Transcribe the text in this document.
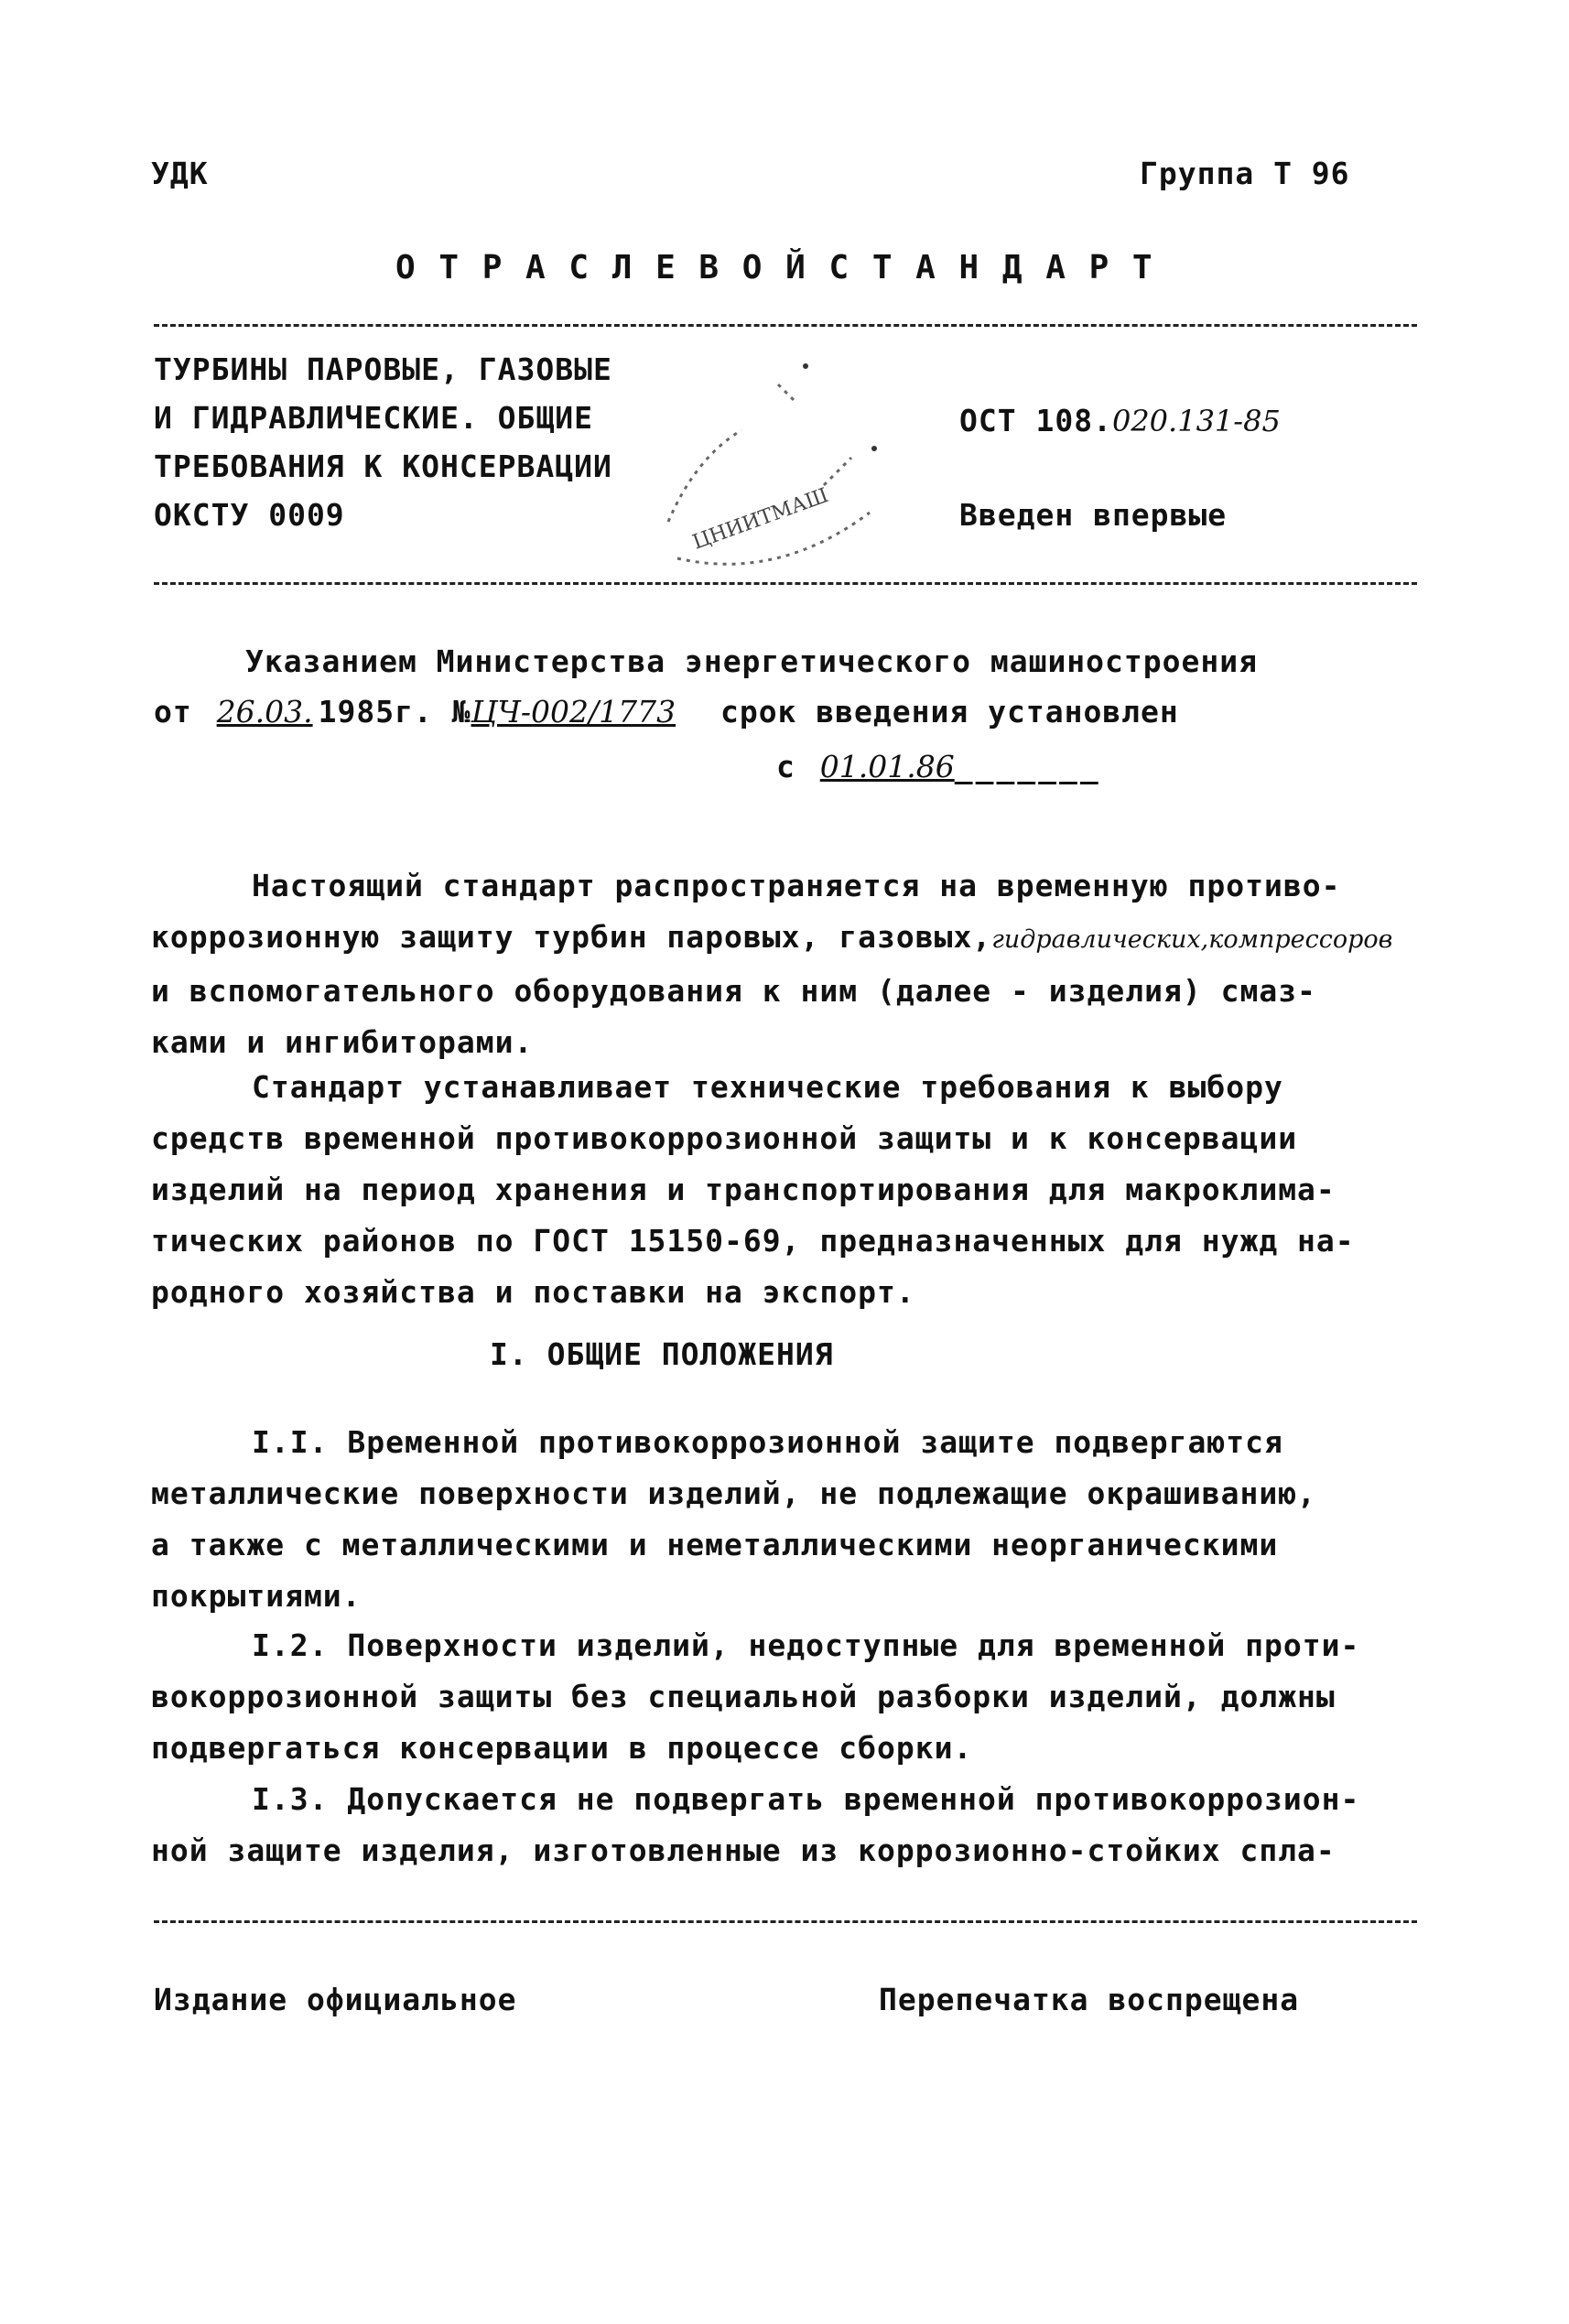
УДК	Группа Т 96
О Т Р А С Л Е В О Й С Т А Н Д А Р Т
ТУРБИНЫ ПАРОВЫЕ, ГАЗОВЫЕ
И ГИДРАВЛИЧЕСКИЕ. ОБЩИЕ
ТРЕБОВАНИЯ К КОНСЕРВАЦИИ
ОКСТУ 0009	ЦНИИТМАШ
ОСТ 108.020.131-85
Введен впервые
Указанием Министерства энергетического машиностроения
от 26.03. 1985г. №ЦЧ-002/1773 срок введения установлен
с 01.01.86_______

Настоящий стандарт распространяется на временную противо-

коррозионную защиту турбин паровых, газовых,гидравлических,компрессоров

и вспомогательного оборудования к ним (далее - изделия) смаз-

ками и ингибиторами.

Стандарт устанавливает технические требования к выбору

средств временной противокоррозионной защиты и к консервации

изделий на период хранения и транспортирования для макроклима-

тических районов по ГОСТ 15150-69, предназначенных для нужд на-

родного хозяйства и поставки на экспорт.

I. ОБЩИЕ ПОЛОЖЕНИЯ

I.I. Временной противокоррозионной защите подвергаются

металлические поверхности изделий, не подлежащие окрашиванию,

а также с металлическими и неметаллическими неорганическими

покрытиями.

I.2. Поверхности изделий, недоступные для временной проти-

вокоррозионной защиты без специальной разборки изделий, должны

подвергаться консервации в процессе сборки.

I.3. Допускается не подвергать временной противокоррозион-

ной защите изделия, изготовленные из коррозионно-стойких спла-

Издание официальное	Перепечатка воспрещена
